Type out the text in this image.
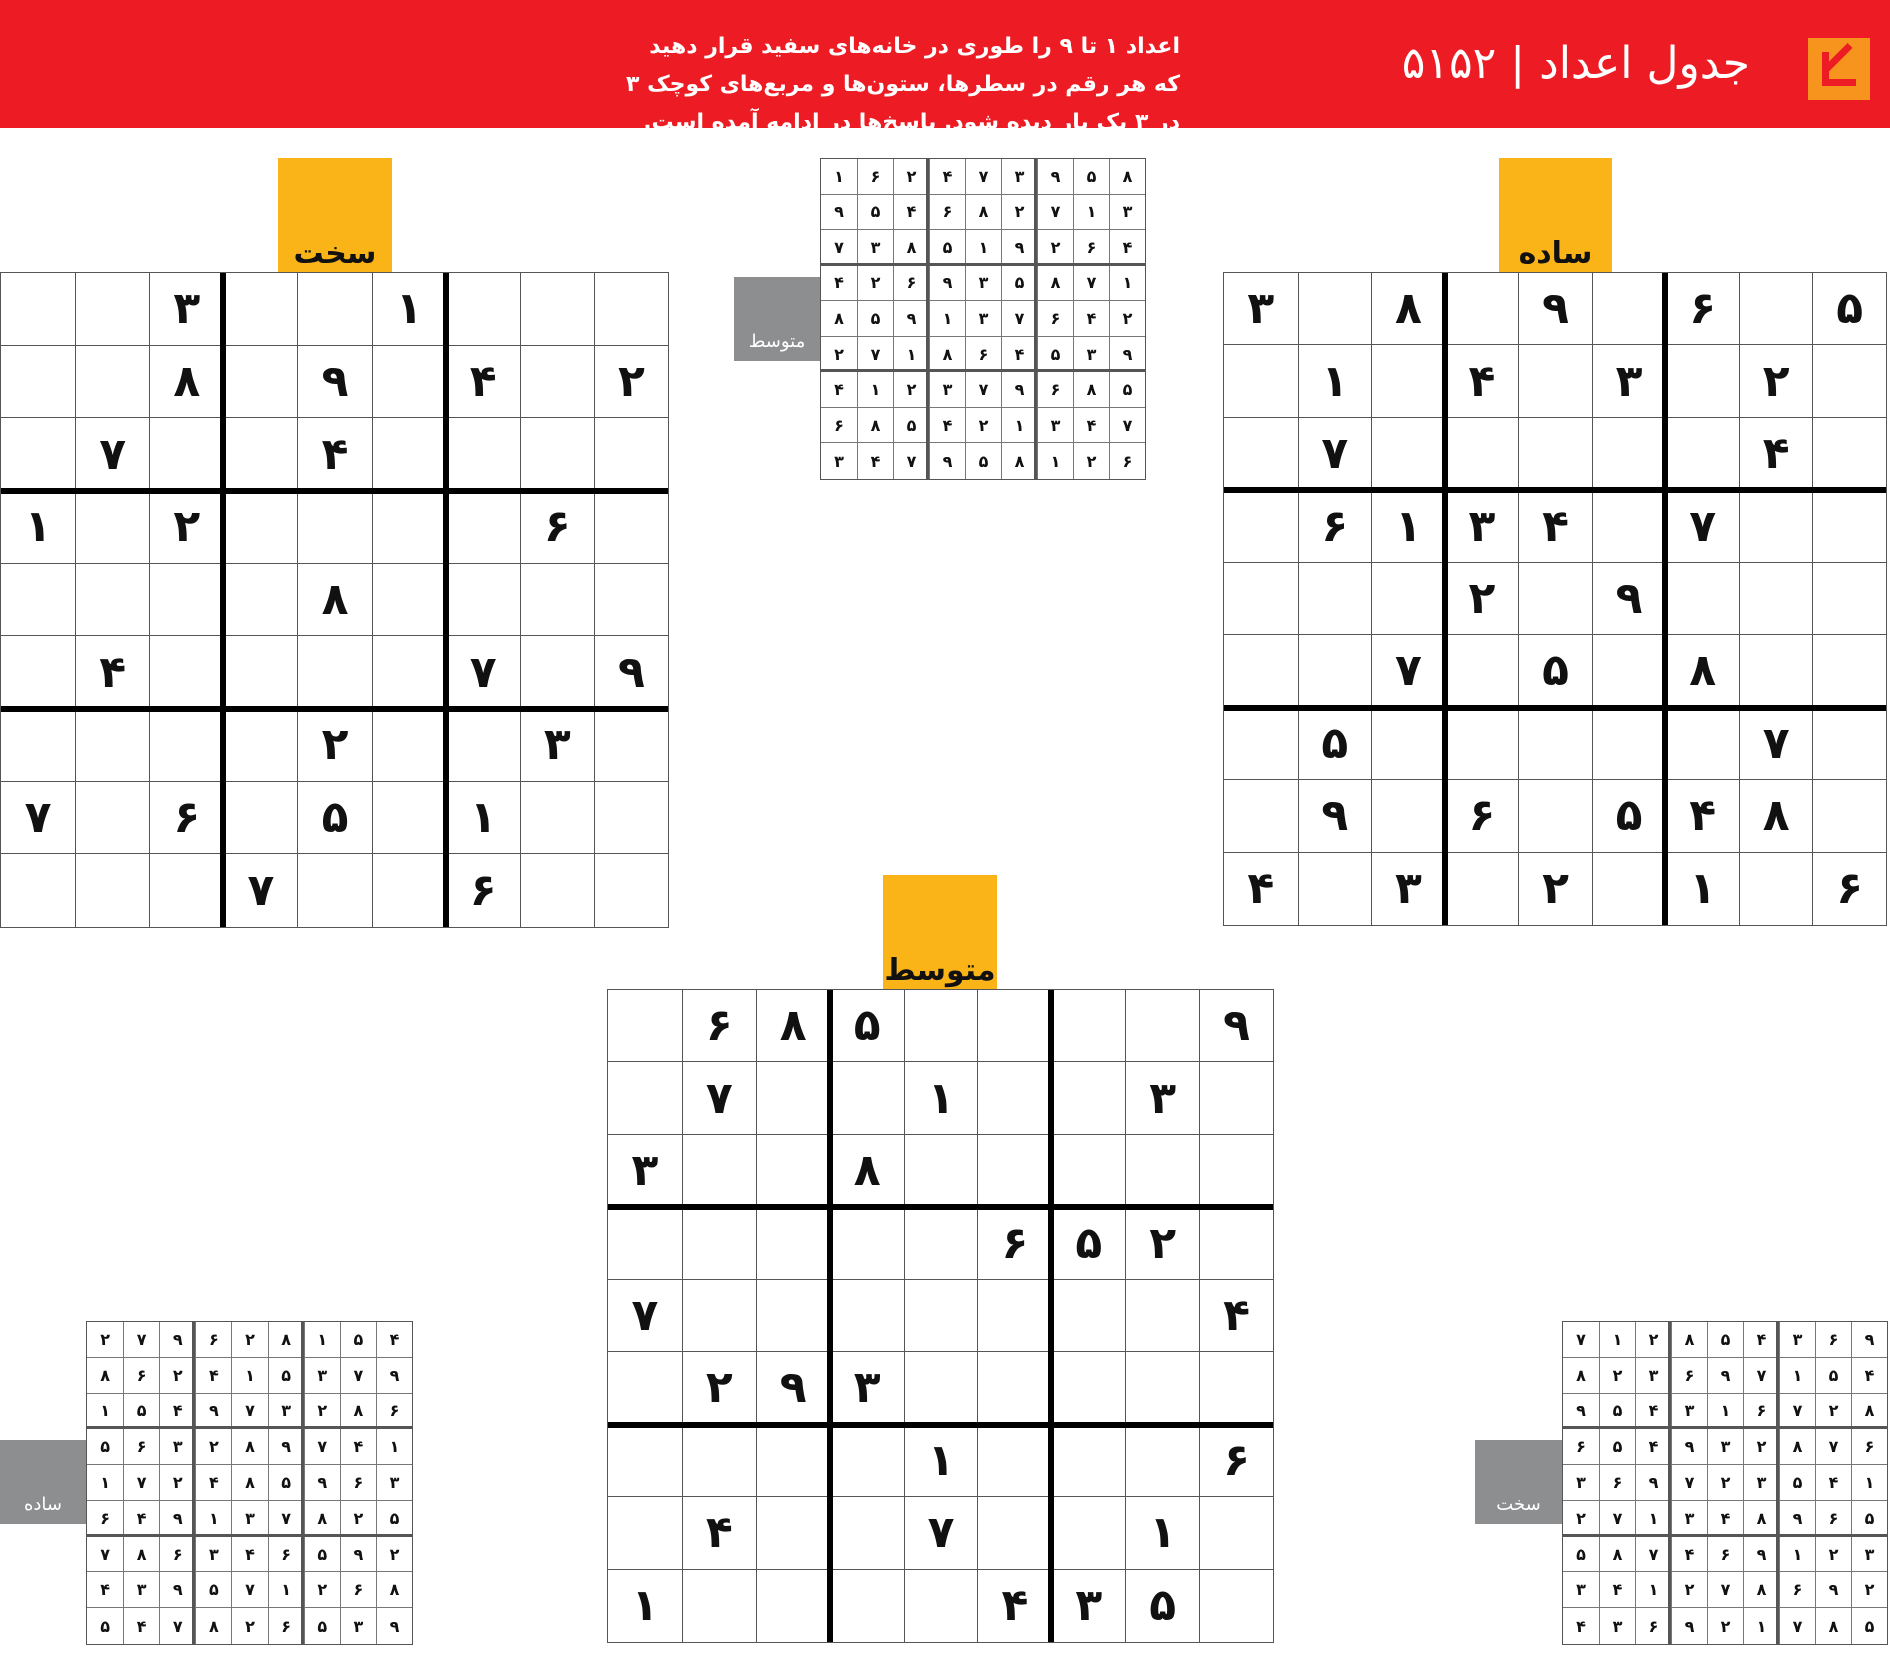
جدول اعداد | ۵۱۵۲
اعداد ۱ تا ۹ را طوری در خانه‌های سفید قرار دهید که هر رقم در سطرها، ستون‌ها و مربع‌های کوچک ۳ در ۳ یک بار دیده شود. پاسخ‌ها در ادامه آمده است.
ساده
۵
۶
۹
۸
۳
۲
۳
۴
۱
۴
۷
۷
۴
۳
۱
۶
۹
۲
۸
۵
۷
۷
۵
۸
۴
۵
۶
۹
۶
۱
۲
۳
۴
سخت
۱
۳
۲
۴
۹
۸
۴
۷
۶
۲
۱
۸
۹
۷
۴
۳
۲
۱
۵
۶
۷
۶
۷
متوسط
۹
۵
۸
۶
۳
۱
۷
۸
۳
۲
۵
۶
۴
۷
۳
۹
۲
۶
۱
۱
۷
۴
۵
۳
۴
۱
متوسط
۸
۵
۹
۳
۷
۴
۲
۶
۱
۳
۱
۷
۲
۸
۶
۴
۵
۹
۴
۶
۲
۹
۱
۵
۸
۳
۷
۱
۷
۸
۵
۳
۹
۶
۲
۴
۲
۴
۶
۷
۳
۱
۹
۵
۸
۹
۳
۵
۴
۶
۸
۱
۷
۲
۵
۸
۶
۹
۷
۳
۲
۱
۴
۷
۴
۳
۱
۲
۴
۵
۸
۶
۶
۲
۱
۸
۵
۹
۷
۴
۳
ساده
۴
۵
۱
۸
۲
۶
۹
۷
۲
۹
۷
۳
۵
۱
۴
۲
۶
۸
۶
۸
۲
۳
۷
۹
۴
۵
۱
۱
۴
۷
۹
۸
۲
۳
۶
۵
۳
۶
۹
۵
۸
۴
۲
۷
۱
۵
۲
۸
۷
۳
۱
۹
۴
۶
۲
۹
۵
۶
۴
۳
۶
۸
۷
۸
۶
۲
۱
۷
۵
۹
۳
۴
۹
۳
۵
۶
۲
۸
۷
۴
۵
سخت
۹
۶
۳
۴
۵
۸
۲
۱
۷
۴
۵
۱
۷
۹
۶
۳
۲
۸
۸
۲
۷
۶
۱
۳
۴
۵
۹
۶
۷
۸
۲
۳
۹
۴
۵
۶
۱
۴
۵
۳
۲
۷
۹
۶
۳
۵
۶
۹
۸
۴
۳
۱
۷
۲
۳
۲
۱
۹
۶
۴
۷
۸
۵
۲
۹
۶
۸
۷
۲
۱
۴
۳
۵
۸
۷
۱
۲
۹
۶
۳
۴
